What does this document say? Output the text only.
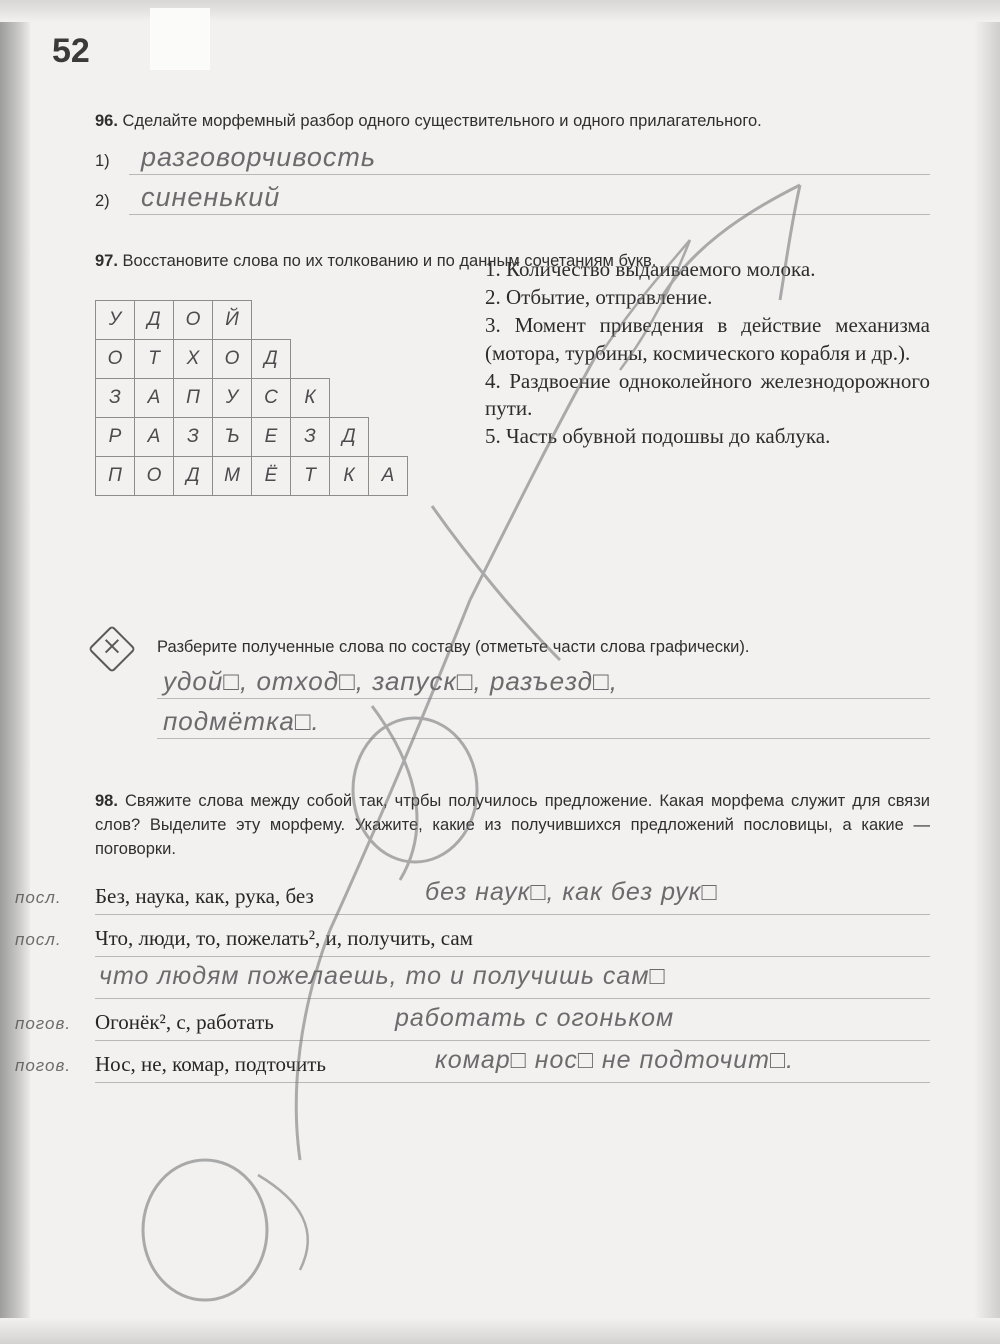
52
96. Сделайте морфемный разбор одного существительного и одного прилагательного.
1) разговорчивость
2) синенький
97. Восстановите слова по их толкованию и по данным сочетаниям букв.
У	Д	О	Й				
О	Т	Х	О	Д			
З	А	П	У	С	К		
Р	А	З	Ъ	Е	З	Д	
П	О	Д	М	Ё	Т	К	А
1. Количество выдаиваемого молока.
2. Отбытие, отправление.
3. Момент приведения в действие механизма (мотора, турбины, космического корабля и др.).
4. Раздвоение одноколейного железнодорожного пути.
5. Часть обувной подошвы до каблука.
Разберите полученные слова по составу (отметьте части слова графически).
удой□, отход□, запуск□, разъезд□,
подмётка□.
98. Свяжите слова между собой так, чтрбы получилось предложение. Какая морфема служит для связи слов? Выделите эту морфему. Укажите, какие из получившихся предложений пословицы, а какие — поговорки.
посл. Без, наука, как, рука, без	без наук□, как без рук□
посл. Что, люди, то, пожелать², и, получить, сам
что людям пожелаешь, то и получишь сам□
погов. Огонёк², с, работать	работать с огоньком
погов. Нос, не, комар, подточить	комар□ нос□ не подточит□.
